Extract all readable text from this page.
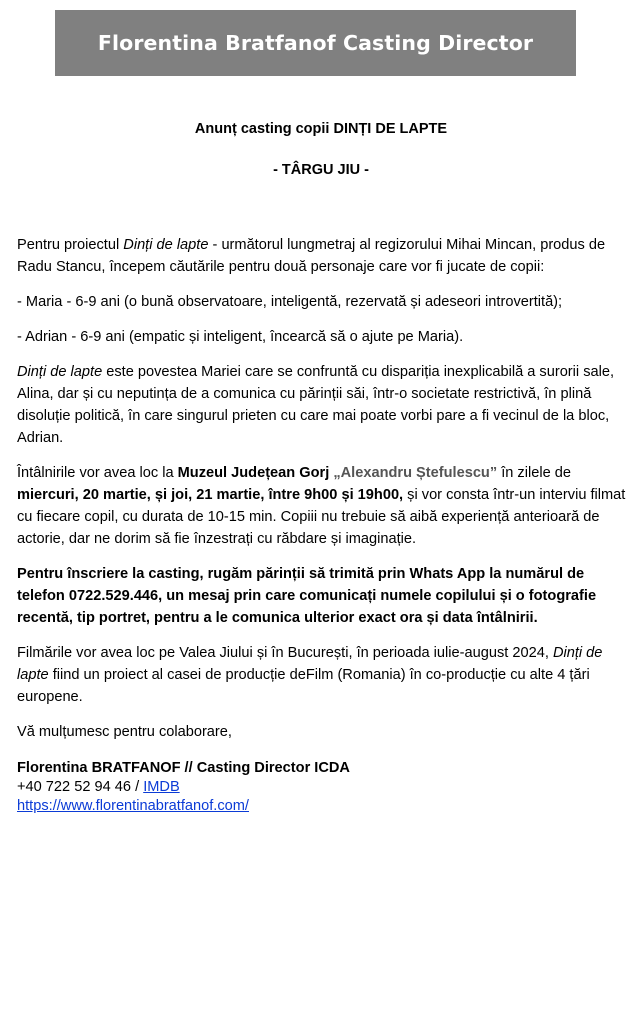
Florentina Bratfanof Casting Director
Anunț casting copii DINȚI DE LAPTE
- TÂRGU JIU -

Pentru proiectul Dinți de lapte - următorul lungmetraj al regizorului Mihai Mincan, produs de Radu Stancu, începem căutările pentru două personaje care vor fi jucate de copii:

- Maria - 6-9 ani (o bună observatoare, inteligentă, rezervată și adeseori introvertită);

- Adrian - 6-9 ani (empatic și inteligent, încearcă să o ajute pe Maria).

Dinți de lapte este povestea Mariei care se confruntă cu dispariția inexplicabilă a surorii sale, Alina, dar și cu neputința de a comunica cu părinții săi, într-o societate restrictivă, în plină disoluție politică, în care singurul prieten cu care mai poate vorbi pare a fi vecinul de la bloc, Adrian.

Întâlnirile vor avea loc la Muzeul Județean Gorj „Alexandru Ștefulescu” în zilele de miercuri, 20 martie, și joi, 21 martie, între 9h00 și 19h00, și vor consta într-un interviu filmat cu fiecare copil, cu durata de 10-15 min. Copiii nu trebuie să aibă experiență anterioară de actorie, dar ne dorim să fie înzestrați cu răbdare și imaginație.

Pentru înscriere la casting, rugăm părinții să trimită prin Whats App la numărul de telefon 0722.529.446, un mesaj prin care comunicați numele copilului și o fotografie recentă, tip portret, pentru a le comunica ulterior exact ora și data întâlnirii.

Filmările vor avea loc pe Valea Jiului și în București, în perioada iulie-august 2024, Dinți de lapte fiind un proiect al casei de producție deFilm (Romania) în co-producție cu alte 4 țări europene.

Vă mulțumesc pentru colaborare,

Florentina BRATFANOF // Casting Director ICDA
+40 722 52 94 46 / IMDB
https://www.florentinabratfanof.com/
